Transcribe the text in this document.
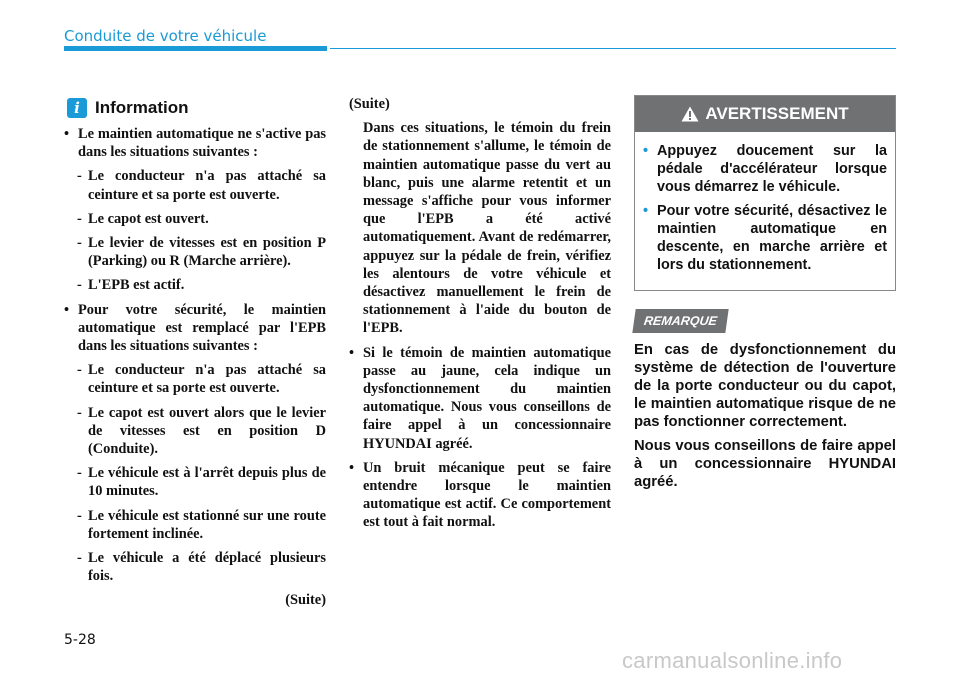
Conduite de votre véhicule
i Information
• Le maintien automatique ne s'active pas dans les situations suivantes :
- Le conducteur n'a pas attaché sa ceinture et sa porte est ouverte.
- Le capot est ouvert.
- Le levier de vitesses est en position P (Parking) ou R (Marche arrière).
- L'EPB est actif.
• Pour votre sécurité, le maintien automatique est remplacé par l'EPB dans les situations suivantes :
- Le conducteur n'a pas attaché sa ceinture et sa porte est ouverte.
- Le capot est ouvert alors que le levier de vitesses est en position D (Conduite).
- Le véhicule est à l'arrêt depuis plus de 10 minutes.
- Le véhicule est stationné sur une route fortement inclinée.
- Le véhicule a été déplacé plusieurs fois.
(Suite)
(Suite)
Dans ces situations, le témoin du frein de stationnement s'allume, le témoin de maintien automatique passe du vert au blanc, puis une alarme retentit et un message s'affiche pour vous informer que l'EPB a été activé automatiquement. Avant de redémarrer, appuyez sur la pédale de frein, vérifiez les alentours de votre véhicule et désactivez manuellement le frein de stationnement à l'aide du bouton de l'EPB.
• Si le témoin de maintien automatique passe au jaune, cela indique un dysfonctionnement du maintien automatique. Nous vous conseillons de faire appel à un concessionnaire HYUNDAI agréé.
• Un bruit mécanique peut se faire entendre lorsque le maintien automatique est actif. Ce comportement est tout à fait normal.
AVERTISSEMENT
• Appuyez doucement sur la pédale d'accélérateur lorsque vous démarrez le véhicule.
• Pour votre sécurité, désactivez le maintien automatique en descente, en marche arrière et lors du stationnement.
REMARQUE
En cas de dysfonctionnement du système de détection de l'ouverture de la porte conducteur ou du capot, le maintien automatique risque de ne pas fonctionner correctement.
Nous vous conseillons de faire appel à un concessionnaire HYUNDAI agréé.
5-28
carmanualsonline.info
